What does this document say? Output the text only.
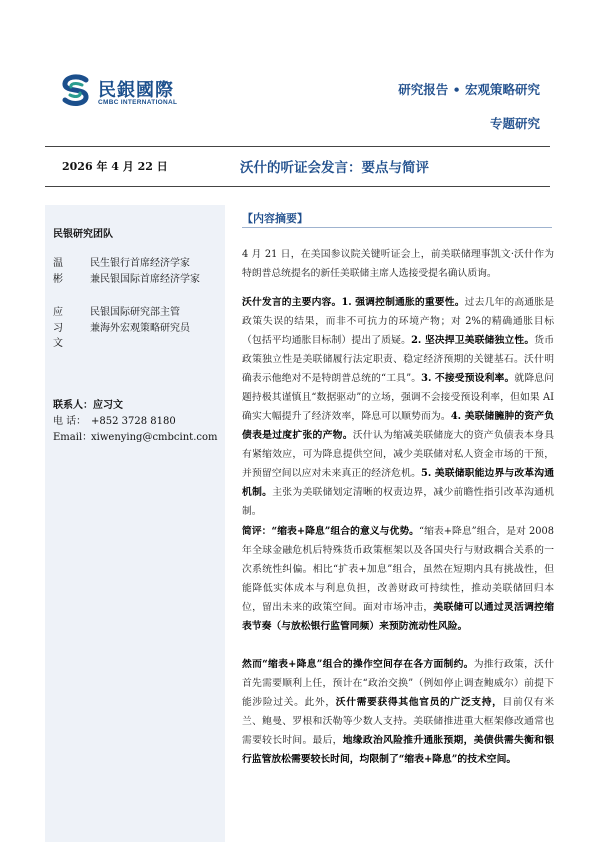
民銀國際
CMBC INTERNATIONAL
研究报告 • 宏观策略研究
专题研究
2026 年 4 月 22 日	沃什的听证会发言：要点与简评
民银研究团队
温 彬
民生银行首席经济学家
兼民银国际首席经济学家
应习文
民银国际研究部主管
兼海外宏观策略研究员
联系人：应习文
电 话： +852 3728 8180
Email：xiwenying@cmbcint.com
【内容摘要】
4 月 21 日，在美国参议院关键听证会上，前美联储理事凯文·沃什作为特朗普总统提名的新任美联储主席人选接受提名确认质询。
沃什发言的主要内容。1. 强调控制通胀的重要性。过去几年的高通胀是政策失误的结果，而非不可抗力的环境产物；对 2%的精确通胀目标（包括平均通胀目标制）提出了质疑。2. 坚决捍卫美联储独立性。货币政策独立性是美联储履行法定职责、稳定经济预期的关键基石。沃什明确表示他绝对不是特朗普总统的“工具”。3. 不接受预设利率。就降息问题持极其谨慎且“数据驱动”的立场，强调不会接受预设利率，但如果 AI 确实大幅提升了经济效率，降息可以顺势而为。4. 美联储臃肿的资产负债表是过度扩张的产物。沃什认为缩减美联储庞大的资产负债表本身具有紧缩效应，可为降息提供空间，减少美联储对私人资金市场的干预，并预留空间以应对未来真正的经济危机。5. 美联储职能边界与改革沟通机制。主张为美联储划定清晰的权责边界，减少前瞻性指引改革沟通机制。
简评：“缩表+降息”组合的意义与优势。“缩表+降息”组合，是对 2008 年全球金融危机后特殊货币政策框架以及各国央行与财政耦合关系的一次系统性纠偏。相比“扩表+加息”组合，虽然在短期内具有挑战性，但能降低实体成本与利息负担，改善财政可持续性，推动美联储回归本位，留出未来的政策空间。面对市场冲击，美联储可以通过灵活调控缩表节奏（与放松银行监管同频）来预防流动性风险。
然而“缩表+降息”组合的操作空间存在各方面制约。为推行政策，沃什首先需要顺利上任，预计在“政治交换”（例如停止调查鲍威尔）前提下能涉险过关。此外，沃什需要获得其他官员的广泛支持，目前仅有米兰、鲍曼、罗根和沃勒等少数人支持。美联储推进重大框架修改通常也需要较长时间。最后，地缘政治风险推升通胀预期，美债供需失衡和银行监管放松需要较长时间，均限制了“缩表+降息”的技术空间。
